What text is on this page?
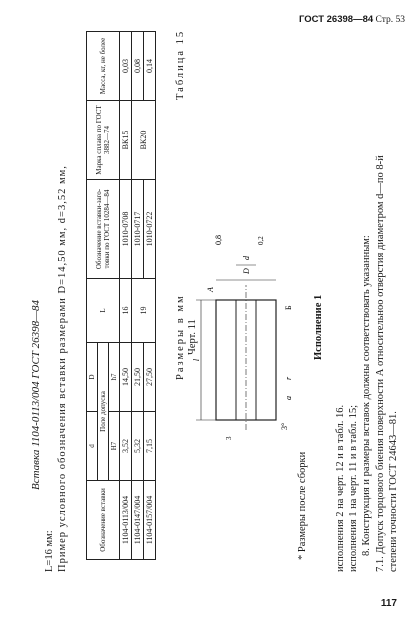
ГОСТ 26398—84 Стр. 53
7.1. Допуск торцового биения поверхности А относительноо отверстия диаметром d—по 8-й степени точности ГОСТ 24643—81.
8. Конструкция и размеры вставок должны соответствовать указанным:
исполнения 1 на черт. 11 и в табл. 15;
исполнения 2 на черт. 12 и в табл. 16.
Исполнение 1
l
D
d
A
3°
a
r
Б
0,8	0,2
3
Черт. 11
* Размеры после сборки
Размеры в мм
Таблица 15
Обозначение вставки	d	D	L	Обозначение вставки-заго-товки по ГОСТ 10284—84	Марка сплава по ГОСТ 3882—74	Масса, кг, не более
	Поле допуска					
	H7	h7				
1104-0113/004	3,52	14,50	16	1010-0708	ВК15	0,03
1104-0147/004	5,32	21,50	19	1010-0717	ВК20	0,08
1104-0157/004	7,15	27,50		1010-0722		0,14
Пример условного обозначения вставки размерами D=14,50 мм, d=3,52 мм,
L=16 мм:
Вставка 1104-0113/004 ГОСТ 26398—84
117
